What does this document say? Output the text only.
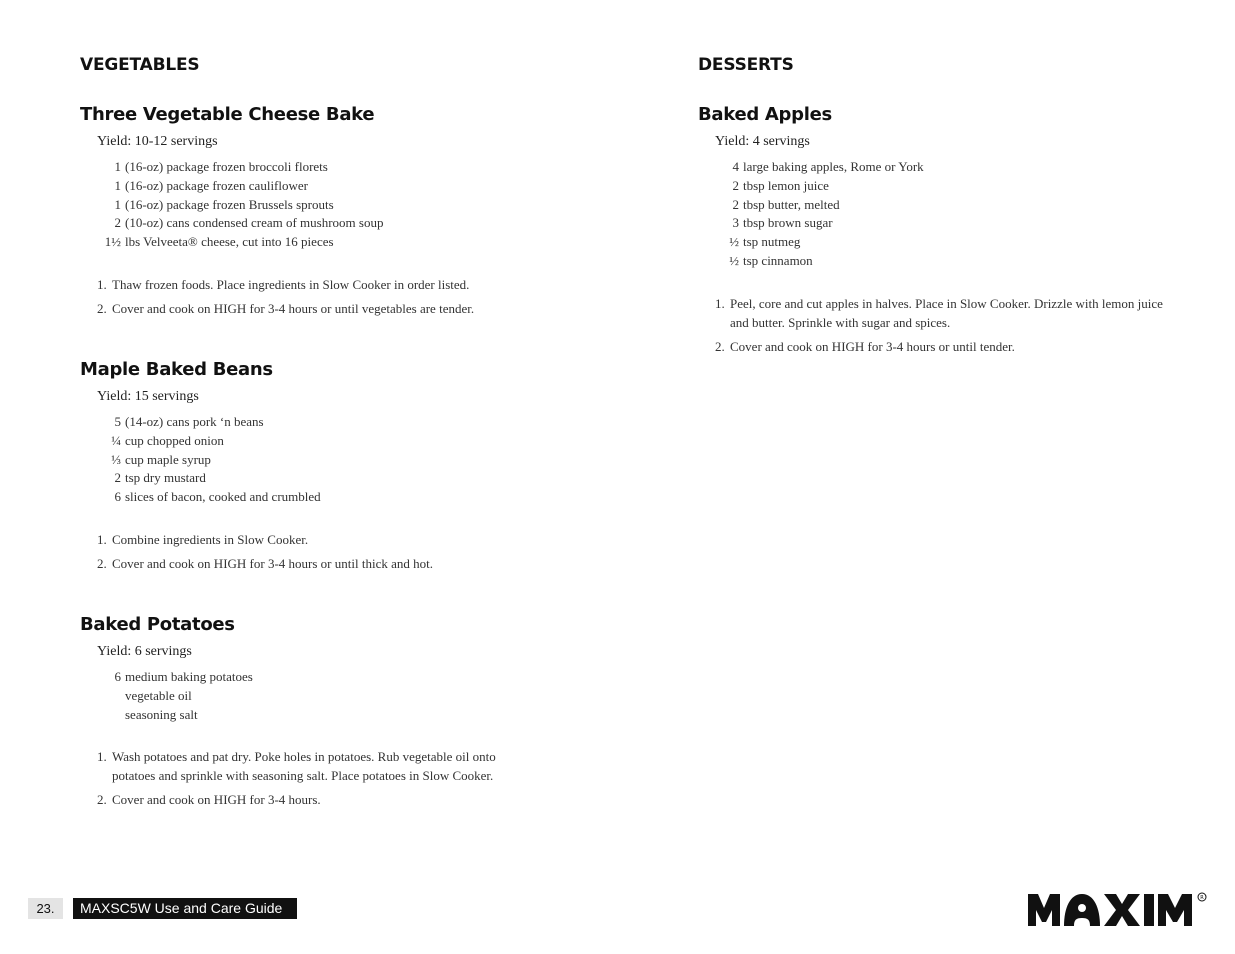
VEGETABLES
Three Vegetable Cheese Bake
Yield: 10-12 servings
1 (16-oz) package frozen broccoli florets
1 (16-oz) package frozen cauliflower
1 (16-oz) package frozen Brussels sprouts
2 (10-oz) cans condensed cream of mushroom soup
1½ lbs Velveeta® cheese, cut into 16 pieces
1. Thaw frozen foods. Place ingredients in Slow Cooker in order listed.
2. Cover and cook on HIGH for 3-4 hours or until vegetables are tender.
Maple Baked Beans
Yield: 15 servings
5 (14-oz) cans pork ‘n beans
¼ cup chopped onion
⅓ cup maple syrup
2 tsp dry mustard
6 slices of bacon, cooked and crumbled
1. Combine ingredients in Slow Cooker.
2. Cover and cook on HIGH for 3-4 hours or until thick and hot.
Baked Potatoes
Yield: 6 servings
6 medium baking potatoes
vegetable oil
seasoning salt
1. Wash potatoes and pat dry. Poke holes in potatoes. Rub vegetable oil onto potatoes and sprinkle with seasoning salt. Place potatoes in Slow Cooker.
2. Cover and cook on HIGH for 3-4 hours.
DESSERTS
Baked Apples
Yield: 4 servings
4 large baking apples, Rome or York
2 tbsp lemon juice
2 tbsp butter, melted
3 tbsp brown sugar
½ tsp nutmeg
½ tsp cinnamon
1. Peel, core and cut apples in halves. Place in Slow Cooker. Drizzle with lemon juice and butter. Sprinkle with sugar and spices.
2. Cover and cook on HIGH for 3-4 hours or until tender.
23.	MAXSC5W Use and Care Guide
R
